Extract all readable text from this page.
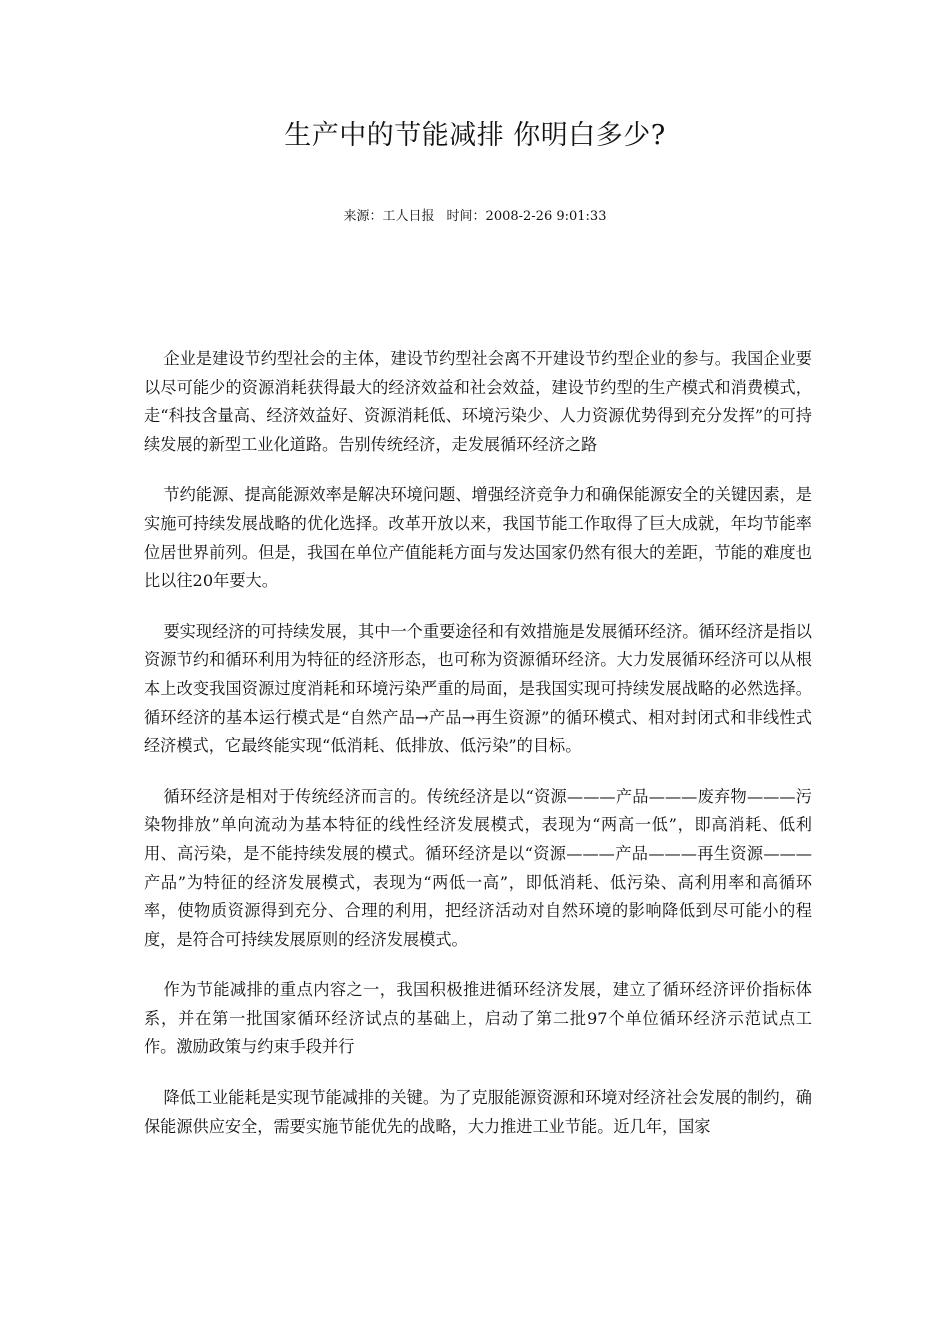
生产中的节能减排 你明白多少?
来源：工人日报 时间：2008-2-26 9:01:33

企业是建设节约型社会的主体，建设节约型社会离不开建设节约型企业的参与。我国企业要以尽可能少的资源消耗获得最大的经济效益和社会效益，建设节约型的生产模式和消费模式，走“科技含量高、经济效益好、资源消耗低、环境污染少、人力资源优势得到充分发挥”的可持续发展的新型工业化道路。告别传统经济，走发展循环经济之路

节约能源、提高能源效率是解决环境问题、增强经济竞争力和确保能源安全的关键因素，是实施可持续发展战略的优化选择。改革开放以来，我国节能工作取得了巨大成就，年均节能率位居世界前列。但是，我国在单位产值能耗方面与发达国家仍然有很大的差距，节能的难度也比以往20年要大。

要实现经济的可持续发展，其中一个重要途径和有效措施是发展循环经济。循环经济是指以资源节约和循环利用为特征的经济形态，也可称为资源循环经济。大力发展循环经济可以从根本上改变我国资源过度消耗和环境污染严重的局面，是我国实现可持续发展战略的必然选择。循环经济的基本运行模式是“自然产品→产品→再生资源”的循环模式、相对封闭式和非线性式经济模式，它最终能实现“低消耗、低排放、低污染”的目标。

循环经济是相对于传统经济而言的。传统经济是以“资源———产品———废弃物———污染物排放”单向流动为基本特征的线性经济发展模式，表现为“两高一低”，即高消耗、低利用、高污染，是不能持续发展的模式。循环经济是以“资源———产品———再生资源———产品”为特征的经济发展模式，表现为“两低一高”，即低消耗、低污染、高利用率和高循环率，使物质资源得到充分、合理的利用，把经济活动对自然环境的影响降低到尽可能小的程度，是符合可持续发展原则的经济发展模式。

作为节能减排的重点内容之一，我国积极推进循环经济发展，建立了循环经济评价指标体系，并在第一批国家循环经济试点的基础上，启动了第二批97个单位循环经济示范试点工作。激励政策与约束手段并行

降低工业能耗是实现节能减排的关键。为了克服能源资源和环境对经济社会发展的制约，确保能源供应安全，需要实施节能优先的战略，大力推进工业节能。近几年，国家
